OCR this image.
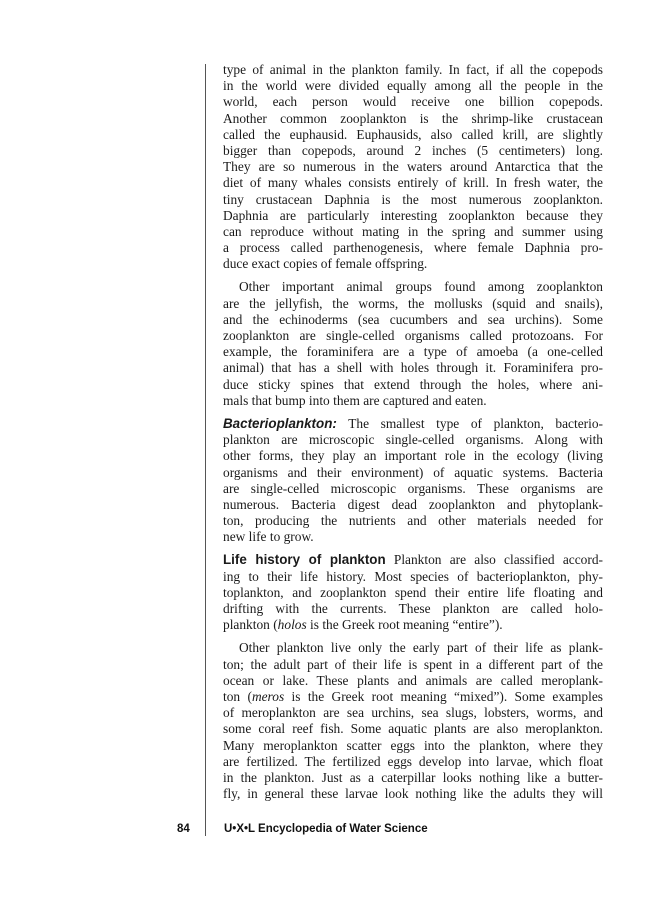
type of animal in the plankton family. In fact, if all the copepods
in the world were divided equally among all the people in the
world, each person would receive one billion copepods.
Another common zooplankton is the shrimp-like crustacean
called the euphausid. Euphausids, also called krill, are slightly
bigger than copepods, around 2 inches (5 centimeters) long.
They are so numerous in the waters around Antarctica that the
diet of many whales consists entirely of krill. In fresh water, the
tiny crustacean Daphnia is the most numerous zooplankton.
Daphnia are particularly interesting zooplankton because they
can reproduce without mating in the spring and summer using
a process called parthenogenesis, where female Daphnia pro-
duce exact copies of female offspring.
Other important animal groups found among zooplankton
are the jellyfish, the worms, the mollusks (squid and snails),
and the echinoderms (sea cucumbers and sea urchins). Some
zooplankton are single-celled organisms called protozoans. For
example, the foraminifera are a type of amoeba (a one-celled
animal) that has a shell with holes through it. Foraminifera pro-
duce sticky spines that extend through the holes, where ani-
mals that bump into them are captured and eaten.
Bacterioplankton: The smallest type of plankton, bacterio-
plankton are microscopic single-celled organisms. Along with
other forms, they play an important role in the ecology (living
organisms and their environment) of aquatic systems. Bacteria
are single-celled microscopic organisms. These organisms are
numerous. Bacteria digest dead zooplankton and phytoplank-
ton, producing the nutrients and other materials needed for
new life to grow.
Life history of plankton Plankton are also classified accord-
ing to their life history. Most species of bacterioplankton, phy-
toplankton, and zooplankton spend their entire life floating and
drifting with the currents. These plankton are called holo-
plankton (holos is the Greek root meaning “entire”).
Other plankton live only the early part of their life as plank-
ton; the adult part of their life is spent in a different part of the
ocean or lake. These plants and animals are called meroplank-
ton (meros is the Greek root meaning “mixed”). Some examples
of meroplankton are sea urchins, sea slugs, lobsters, worms, and
some coral reef fish. Some aquatic plants are also meroplankton.
Many meroplankton scatter eggs into the plankton, where they
are fertilized. The fertilized eggs develop into larvae, which float
in the plankton. Just as a caterpillar looks nothing like a butter-
fly, in general these larvae look nothing like the adults they will
84	U•X•L Encyclopedia of Water Science
